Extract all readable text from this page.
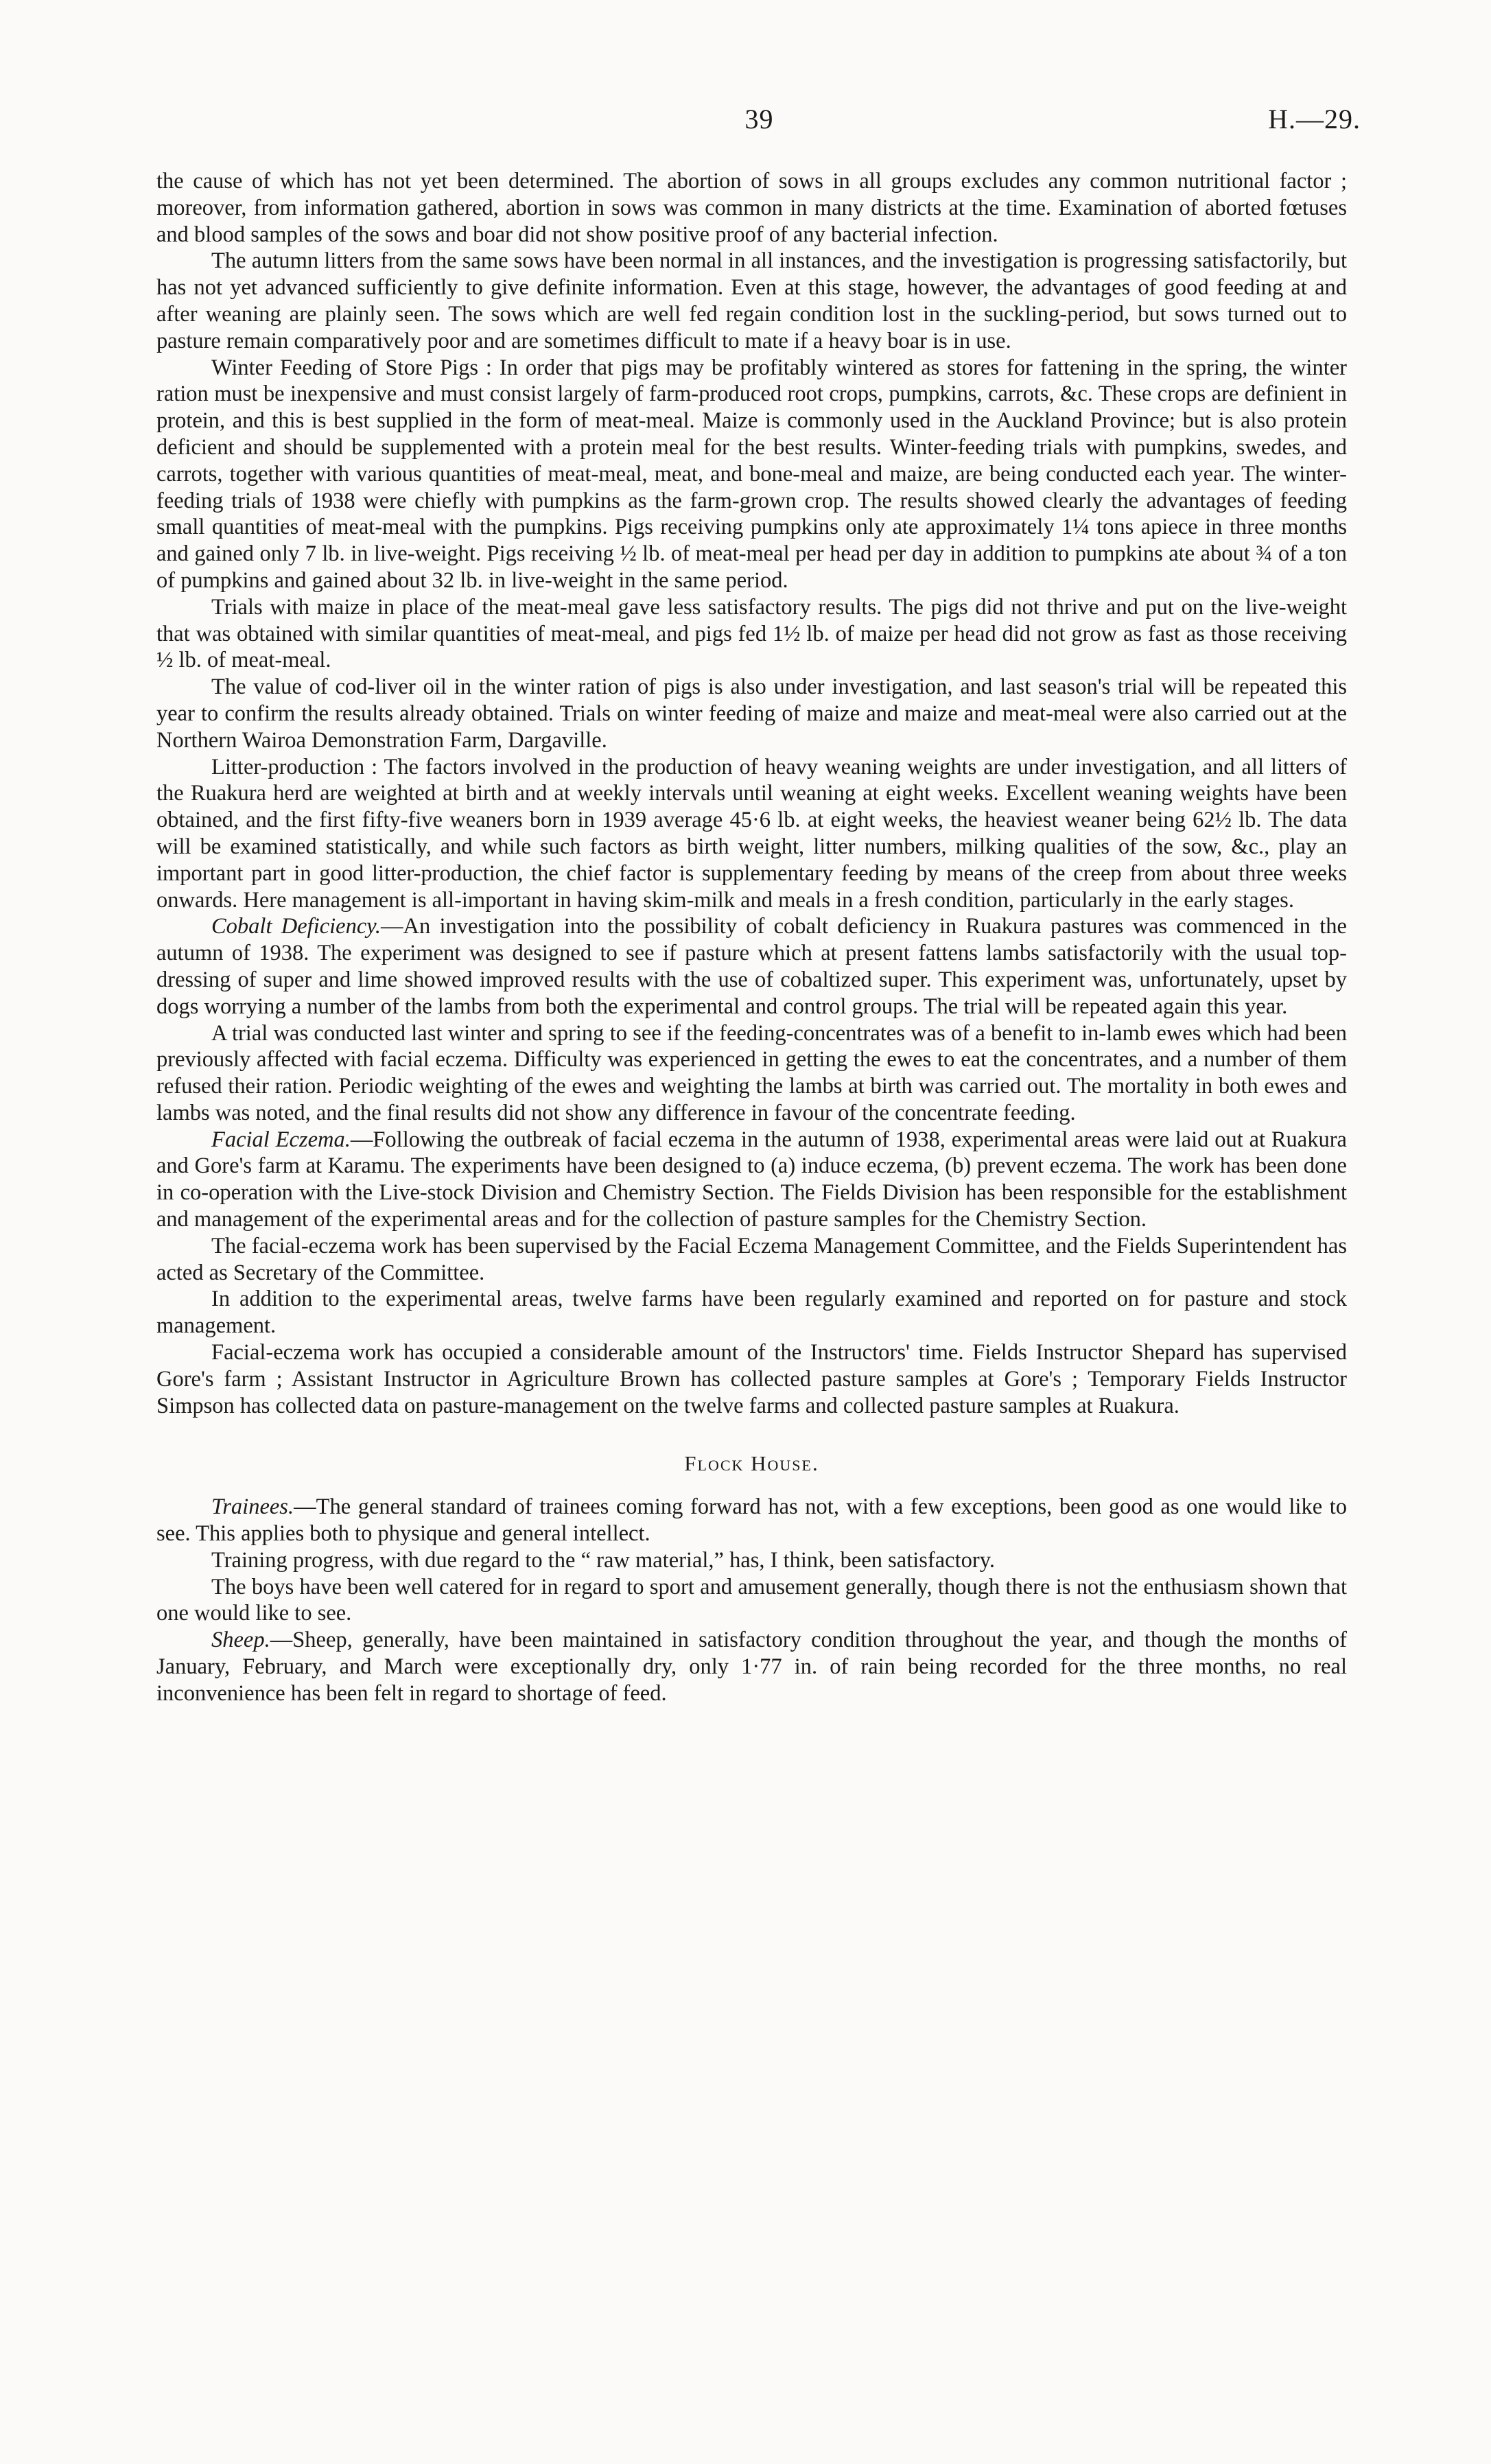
39	H.—29.

the cause of which has not yet been determined. The abortion of sows in all groups excludes any common nutritional factor ; moreover, from information gathered, abortion in sows was common in many districts at the time. Examination of aborted fœtuses and blood samples of the sows and boar did not show positive proof of any bacterial infection.

The autumn litters from the same sows have been normal in all instances, and the investigation is progressing satisfactorily, but has not yet advanced sufficiently to give definite information. Even at this stage, however, the advantages of good feeding at and after weaning are plainly seen. The sows which are well fed regain condition lost in the suckling-period, but sows turned out to pasture remain comparatively poor and are sometimes difficult to mate if a heavy boar is in use.

Winter Feeding of Store Pigs : In order that pigs may be profitably wintered as stores for fattening in the spring, the winter ration must be inexpensive and must consist largely of farm-produced root crops, pumpkins, carrots, &c. These crops are definient in protein, and this is best supplied in the form of meat-meal. Maize is commonly used in the Auckland Province; but is also protein deficient and should be supplemented with a protein meal for the best results. Winter-feeding trials with pumpkins, swedes, and carrots, together with various quantities of meat-meal, meat, and bone-meal and maize, are being conducted each year. The winter-feeding trials of 1938 were chiefly with pumpkins as the farm-grown crop. The results showed clearly the advantages of feeding small quantities of meat-meal with the pumpkins. Pigs receiving pumpkins only ate approximately 1¼ tons apiece in three months and gained only 7 lb. in live-weight. Pigs receiving ½ lb. of meat-meal per head per day in addition to pumpkins ate about ¾ of a ton of pumpkins and gained about 32 lb. in live-weight in the same period.

Trials with maize in place of the meat-meal gave less satisfactory results. The pigs did not thrive and put on the live-weight that was obtained with similar quantities of meat-meal, and pigs fed 1½ lb. of maize per head did not grow as fast as those receiving ½ lb. of meat-meal.

The value of cod-liver oil in the winter ration of pigs is also under investigation, and last season's trial will be repeated this year to confirm the results already obtained. Trials on winter feeding of maize and maize and meat-meal were also carried out at the Northern Wairoa Demonstration Farm, Dargaville.

Litter-production : The factors involved in the production of heavy weaning weights are under investigation, and all litters of the Ruakura herd are weighted at birth and at weekly intervals until weaning at eight weeks. Excellent weaning weights have been obtained, and the first fifty-five weaners born in 1939 average 45·6 lb. at eight weeks, the heaviest weaner being 62½ lb. The data will be examined statistically, and while such factors as birth weight, litter numbers, milking qualities of the sow, &c., play an important part in good litter-production, the chief factor is supplementary feeding by means of the creep from about three weeks onwards. Here management is all-important in having skim-milk and meals in a fresh condition, particularly in the early stages.

Cobalt Deficiency.—An investigation into the possibility of cobalt deficiency in Ruakura pastures was commenced in the autumn of 1938. The experiment was designed to see if pasture which at present fattens lambs satisfactorily with the usual top-dressing of super and lime showed improved results with the use of cobaltized super. This experiment was, unfortunately, upset by dogs worrying a number of the lambs from both the experimental and control groups. The trial will be repeated again this year.

A trial was conducted last winter and spring to see if the feeding-concentrates was of a benefit to in-lamb ewes which had been previously affected with facial eczema. Difficulty was experienced in getting the ewes to eat the concentrates, and a number of them refused their ration. Periodic weighting of the ewes and weighting the lambs at birth was carried out. The mortality in both ewes and lambs was noted, and the final results did not show any difference in favour of the concentrate feeding.

Facial Eczema.—Following the outbreak of facial eczema in the autumn of 1938, experimental areas were laid out at Ruakura and Gore's farm at Karamu. The experiments have been designed to (a) induce eczema, (b) prevent eczema. The work has been done in co-operation with the Live-stock Division and Chemistry Section. The Fields Division has been responsible for the establishment and management of the experimental areas and for the collection of pasture samples for the Chemistry Section.

The facial-eczema work has been supervised by the Facial Eczema Management Committee, and the Fields Superintendent has acted as Secretary of the Committee.

In addition to the experimental areas, twelve farms have been regularly examined and reported on for pasture and stock management.

Facial-eczema work has occupied a considerable amount of the Instructors' time. Fields Instructor Shepard has supervised Gore's farm ; Assistant Instructor in Agriculture Brown has collected pasture samples at Gore's ; Temporary Fields Instructor Simpson has collected data on pasture-management on the twelve farms and collected pasture samples at Ruakura.

Flock House.

Trainees.—The general standard of trainees coming forward has not, with a few exceptions, been good as one would like to see. This applies both to physique and general intellect.

Training progress, with due regard to the “ raw material,” has, I think, been satisfactory.

The boys have been well catered for in regard to sport and amusement generally, though there is not the enthusiasm shown that one would like to see.

Sheep.—Sheep, generally, have been maintained in satisfactory condition throughout the year, and though the months of January, February, and March were exceptionally dry, only 1·77 in. of rain being recorded for the three months, no real inconvenience has been felt in regard to shortage of feed.
